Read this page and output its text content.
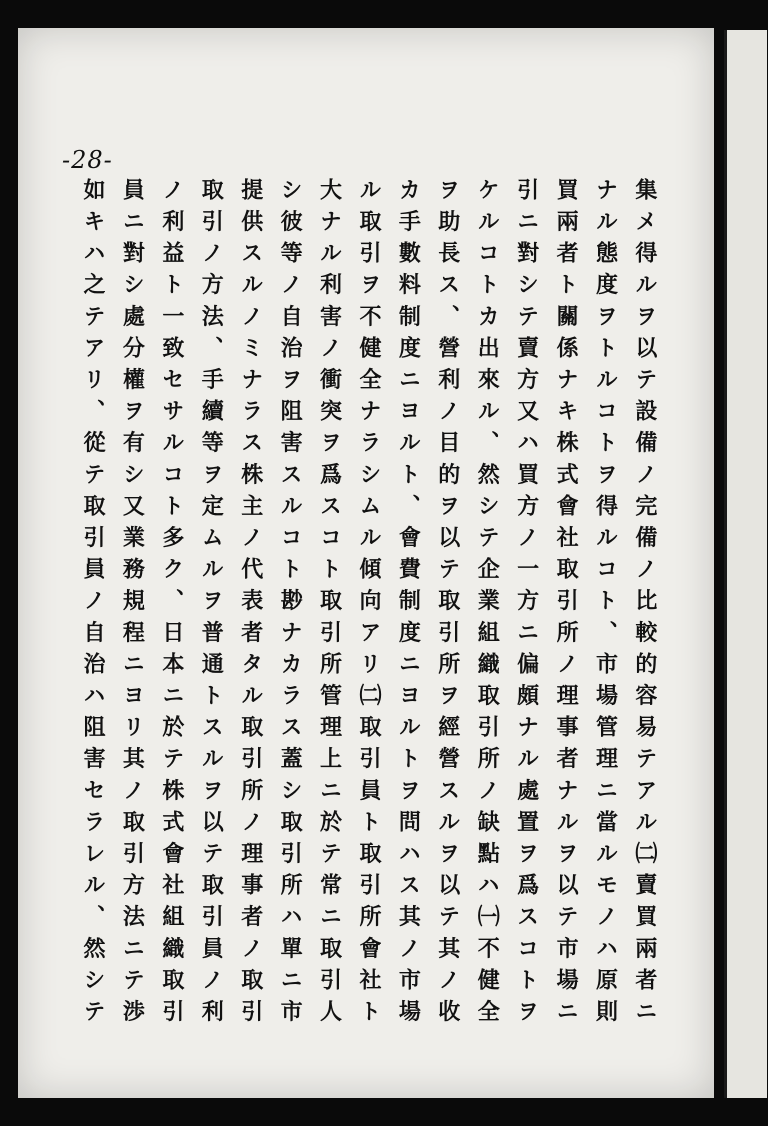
-28-
集メ得ルヲ以テ設備ノ完備ノ比較的容易テアル㈡賣買兩者ニ
ナル態度ヲトルコトヲ得ルコト、市場管理ニ當ルモノハ原則
買兩者ト關係ナキ株式會社取引所ノ理事者ナルヲ以テ市場ニ
引ニ對シテ賣方又ハ買方ノ一方ニ偏頗ナル處置ヲ爲スコトヲ
ケルコトカ出來ル、然シテ企業組織取引所ノ缺點ハ㈠不健全
ヲ助長ス、營利ノ目的ヲ以テ取引所ヲ經營スルヲ以テ其ノ收
カ手數料制度ニヨルト、會費制度ニヨルトヲ問ハス其ノ市場
ル取引ヲ不健全ナラシムル傾向アリ㈡取引員ト取引所會社ト
大ナル利害ノ衝突ヲ爲スコト取引所管理上ニ於テ常ニ取引人
シ彼等ノ自治ヲ阻害スルコト尠ナカラス蓋シ取引所ハ單ニ市
提供スルノミナラス株主ノ代表者タル取引所ノ理事者ノ取引
取引ノ方法、手續等ヲ定ムルヲ普通トスルヲ以テ取引員ノ利
ノ利益ト一致セサルコト多ク、日本ニ於テ株式會社組織取引
員ニ對シ處分權ヲ有シ又業務規程ニヨリ其ノ取引方法ニテ渉
如キハ之テアリ、從テ取引員ノ自治ハ阻害セラレル、然シテ
